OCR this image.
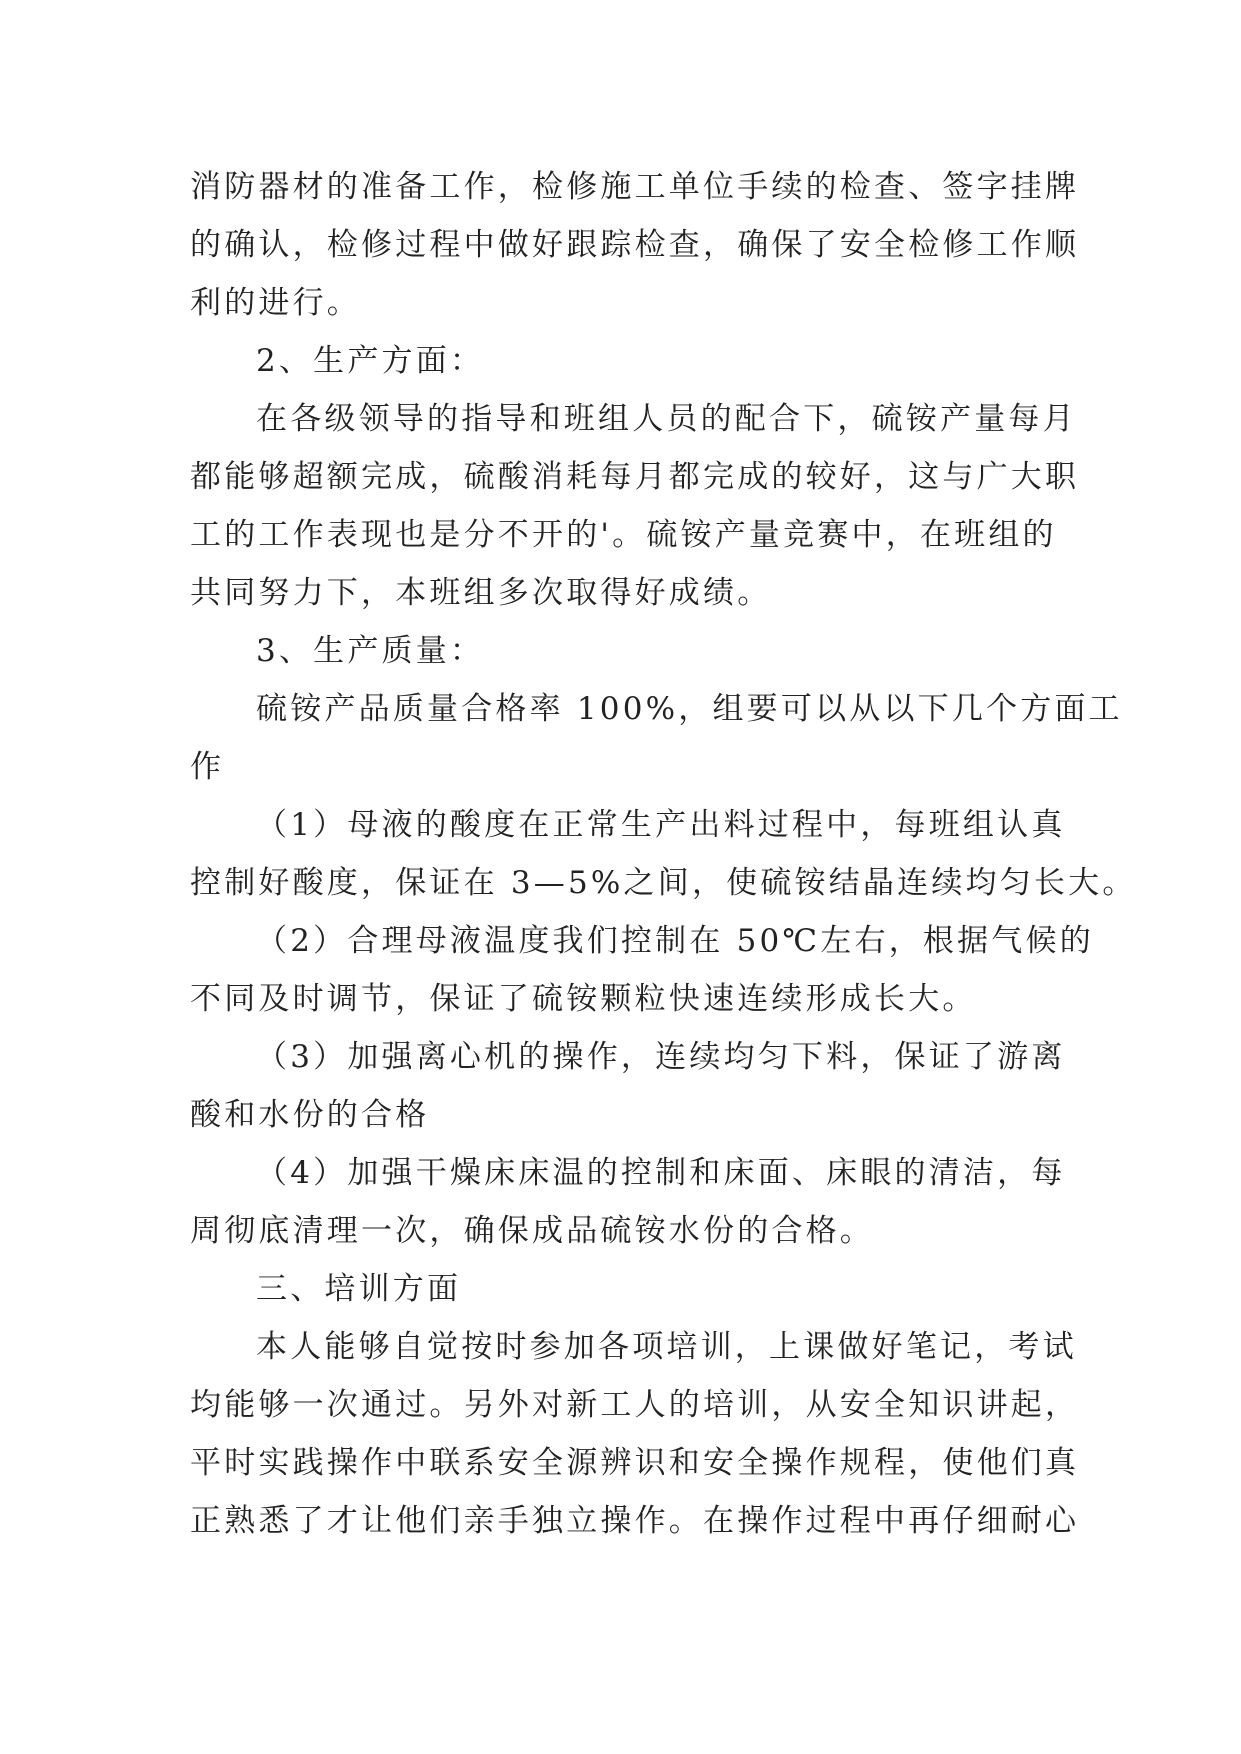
消防器材的准备工作，检修施工单位手续的检查、签字挂牌
的确认，检修过程中做好跟踪检查，确保了安全检修工作顺
利的进行。
2、生产方面：
在各级领导的指导和班组人员的配合下，硫铵产量每月
都能够超额完成，硫酸消耗每月都完成的较好，这与广大职
工的工作表现也是分不开的'。硫铵产量竞赛中，在班组的
共同努力下，本班组多次取得好成绩。
3、生产质量：
硫铵产品质量合格率 100%，组要可以从以下几个方面工
作
（1）母液的酸度在正常生产出料过程中，每班组认真
控制好酸度，保证在 3—5%之间，使硫铵结晶连续均匀长大。
（2）合理母液温度我们控制在 50℃左右，根据气候的
不同及时调节，保证了硫铵颗粒快速连续形成长大。
（3）加强离心机的操作，连续均匀下料，保证了游离
酸和水份的合格
（4）加强干燥床床温的控制和床面、床眼的清洁，每
周彻底清理一次，确保成品硫铵水份的合格。
三、培训方面
本人能够自觉按时参加各项培训，上课做好笔记，考试
均能够一次通过。另外对新工人的培训，从安全知识讲起，
平时实践操作中联系安全源辨识和安全操作规程，使他们真
正熟悉了才让他们亲手独立操作。在操作过程中再仔细耐心
